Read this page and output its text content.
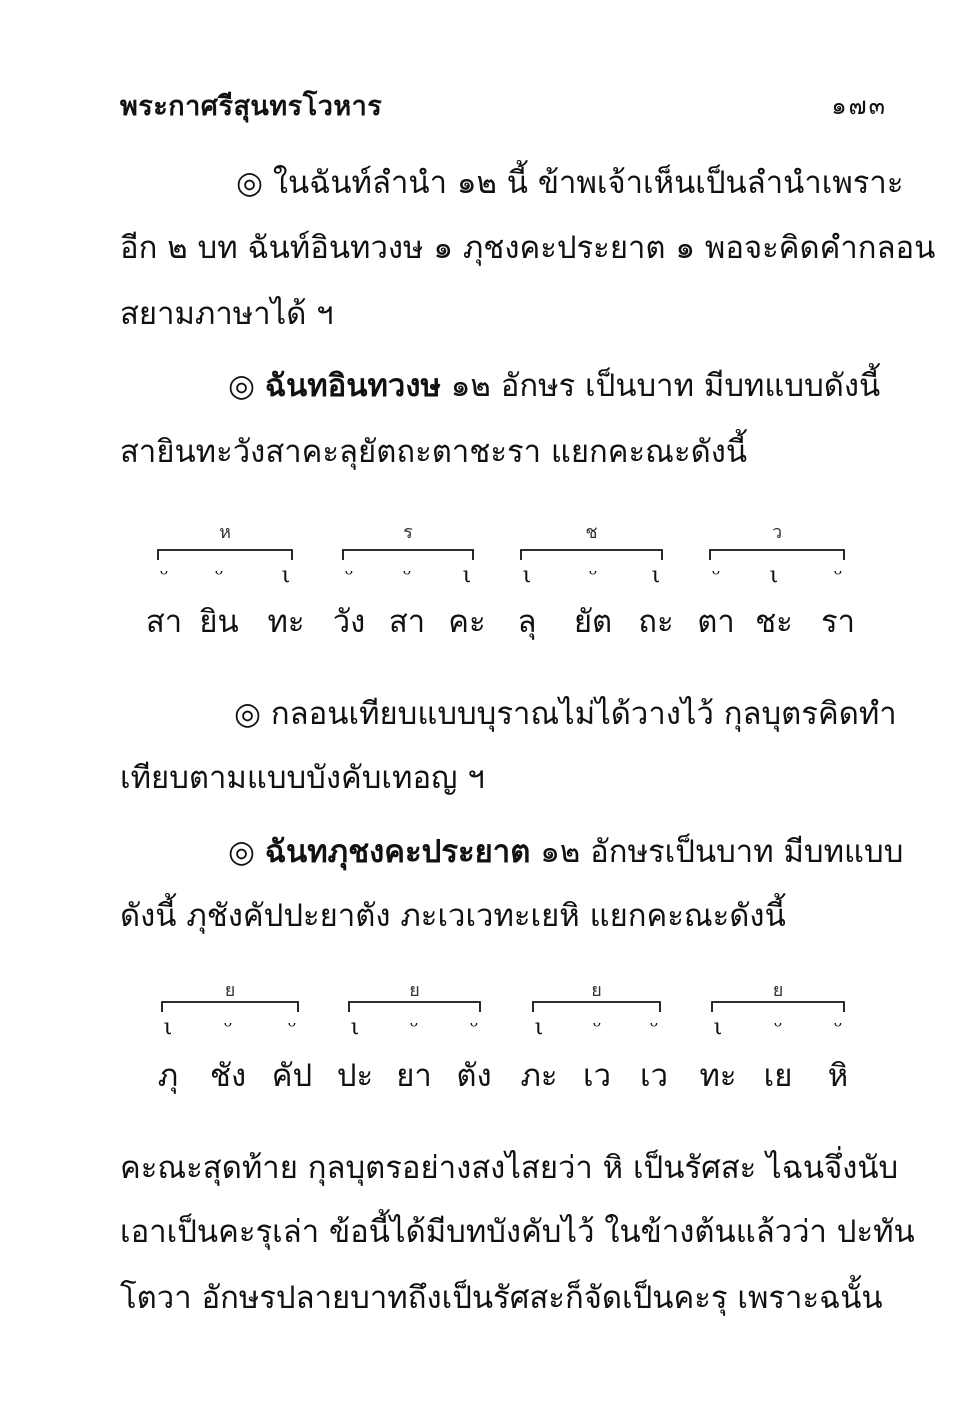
พระกาศรีสุนทรโวหาร	๑๗๓
◎ ในฉันท์ลำนำ ๑๒ นี้ ข้าพเจ้าเห็นเป็นลำนำเพราะ
อีก ๒ บท ฉันท์อินทวงษ ๑ ภุชงคะประยาต ๑ พอจะคิดคำกลอน
สยามภาษาได้ ฯ
◎ ฉันทอินทวงษ ๑๒ อักษร เป็นบาท มีบทแบบดังนี้
สายินทะวังสาคะลุยัตถะตาชะรา แยกคะณะดังนี้
ห	ร	ช	ว
ᵕ
สา
ᵕ
ยิน
ι
ทะ
ᵕ
วัง
ᵕ
สา
ι
คะ
ι
ลุ
ᵕ
ยัต
ι
ถะ
ᵕ
ตา
ι
ชะ
ᵕ
รา
◎ กลอนเทียบแบบบุราณไม่ได้วางไว้ กุลบุตรคิดทำ
เทียบตามแบบบังคับเทอญ ฯ
◎ ฉันทภุชงคะประยาต ๑๒ อักษรเป็นบาท มีบทแบบ
ดังนี้ ภุชังคัปปะยาตัง ภะเวเวทะเยหิ แยกคะณะดังนี้
ย	ย	ย	ย
ι
ภุ
ᵕ
ชัง
ᵕ
คัป
ι
ปะ
ᵕ
ยา
ᵕ
ตัง
ι
ภะ
ᵕ
เว
ᵕ
เว
ι
ทะ
ᵕ
เย
ᵕ
หิ
คะณะสุดท้าย กุลบุตรอย่างสงไสยว่า หิ เป็นรัศสะ ไฉนจึ่งนับ
เอาเป็นคะรุเล่า ข้อนี้ได้มีบทบังคับไว้ ในข้างต้นแล้วว่า ปะทัน
โตวา อักษรปลายบาทถึงเป็นรัศสะก็จัดเป็นคะรุ เพราะฉนั้น
